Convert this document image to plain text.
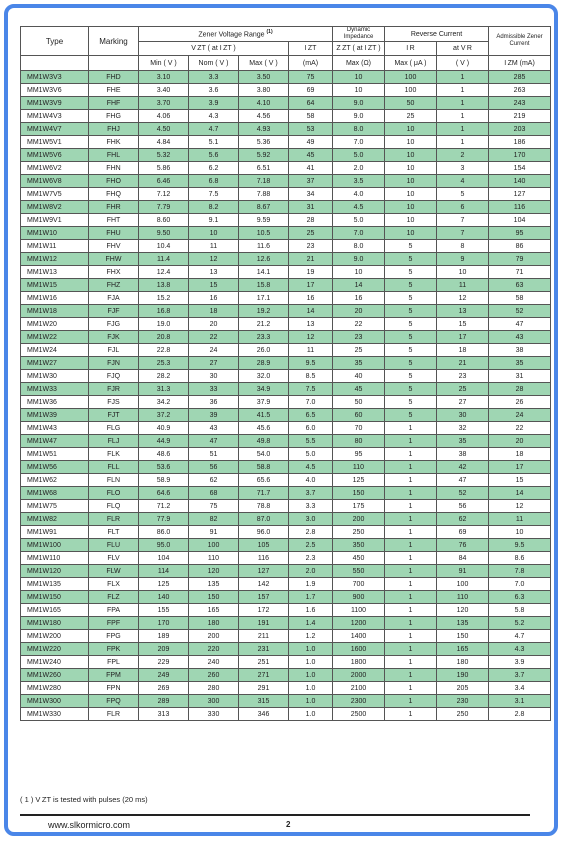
Type	Marking	Zener Voltage Range $^{(1)}$				Dynamic Impedance	Reverse Current		Admissible Zener Current
		V ZT ( at I ZT )			I ZT	Z ZT ( at I ZT )	I R	at V R	
		Min ( V )	Nom ( V )	Max ( V )	(mA)	Max (Ω)	Max ( μA )	( V )	I ZM (mA)
MM1W3V3	FHD	3.10	3.3	3.50	75	10	100	1	285
MM1W3V6	FHE	3.40	3.6	3.80	69	10	100	1	263
MM1W3V9	FHF	3.70	3.9	4.10	64	9.0	50	1	243
MM1W4V3	FHG	4.06	4.3	4.56	58	9.0	25	1	219
MM1W4V7	FHJ	4.50	4.7	4.93	53	8.0	10	1	203
MM1W5V1	FHK	4.84	5.1	5.36	49	7.0	10	1	186
MM1W5V6	FHL	5.32	5.6	5.92	45	5.0	10	2	170
MM1W6V2	FHN	5.86	6.2	6.51	41	2.0	10	3	154
MM1W6V8	FHO	6.46	6.8	7.18	37	3.5	10	4	140
MM1W7V5	FHQ	7.12	7.5	7.88	34	4.0	10	5	127
MM1W8V2	FHR	7.79	8.2	8.67	31	4.5	10	6	116
MM1W9V1	FHT	8.60	9.1	9.59	28	5.0	10	7	104
MM1W10	FHU	9.50	10	10.5	25	7.0	10	7	95
MM1W11	FHV	10.4	11	11.6	23	8.0	5	8	86
MM1W12	FHW	11.4	12	12.6	21	9.0	5	9	79
MM1W13	FHX	12.4	13	14.1	19	10	5	10	71
MM1W15	FHZ	13.8	15	15.8	17	14	5	11	63
MM1W16	FJA	15.2	16	17.1	16	16	5	12	58
MM1W18	FJF	16.8	18	19.2	14	20	5	13	52
MM1W20	FJG	19.0	20	21.2	13	22	5	15	47
MM1W22	FJK	20.8	22	23.3	12	23	5	17	43
MM1W24	FJL	22.8	24	26.0	11	25	5	18	38
MM1W27	FJN	25.3	27	28.9	9.5	35	5	21	35
MM1W30	FJQ	28.2	30	32.0	8.5	40	5	23	31
MM1W33	FJR	31.3	33	34.9	7.5	45	5	25	28
MM1W36	FJS	34.2	36	37.9	7.0	50	5	27	26
MM1W39	FJT	37.2	39	41.5	6.5	60	5	30	24
MM1W43	FLG	40.9	43	45.6	6.0	70	1	32	22
MM1W47	FLJ	44.9	47	49.8	5.5	80	1	35	20
MM1W51	FLK	48.6	51	54.0	5.0	95	1	38	18
MM1W56	FLL	53.6	56	58.8	4.5	110	1	42	17
MM1W62	FLN	58.9	62	65.6	4.0	125	1	47	15
MM1W68	FLO	64.6	68	71.7	3.7	150	1	52	14
MM1W75	FLQ	71.2	75	78.8	3.3	175	1	56	12
MM1W82	FLR	77.9	82	87.0	3.0	200	1	62	11
MM1W91	FLT	86.0	91	96.0	2.8	250	1	69	10
MM1W100	FLU	95.0	100	105	2.5	350	1	76	9.5
MM1W110	FLV	104	110	116	2.3	450	1	84	8.6
MM1W120	FLW	114	120	127	2.0	550	1	91	7.8
MM1W135	FLX	125	135	142	1.9	700	1	100	7.0
MM1W150	FLZ	140	150	157	1.7	900	1	110	6.3
MM1W165	FPA	155	165	172	1.6	1100	1	120	5.8
MM1W180	FPF	170	180	191	1.4	1200	1	135	5.2
MM1W200	FPG	189	200	211	1.2	1400	1	150	4.7
MM1W220	FPK	209	220	231	1.0	1600	1	165	4.3
MM1W240	FPL	229	240	251	1.0	1800	1	180	3.9
MM1W260	FPM	249	260	271	1.0	2000	1	190	3.7
MM1W280	FPN	269	280	291	1.0	2100	1	205	3.4
MM1W300	FPQ	289	300	315	1.0	2300	1	230	3.1
MM1W330	FLR	313	330	346	1.0	2500	1	250	2.8
( 1 ) V ZT is tested with pulses (20 ms)
www.slkormicro.com	2
